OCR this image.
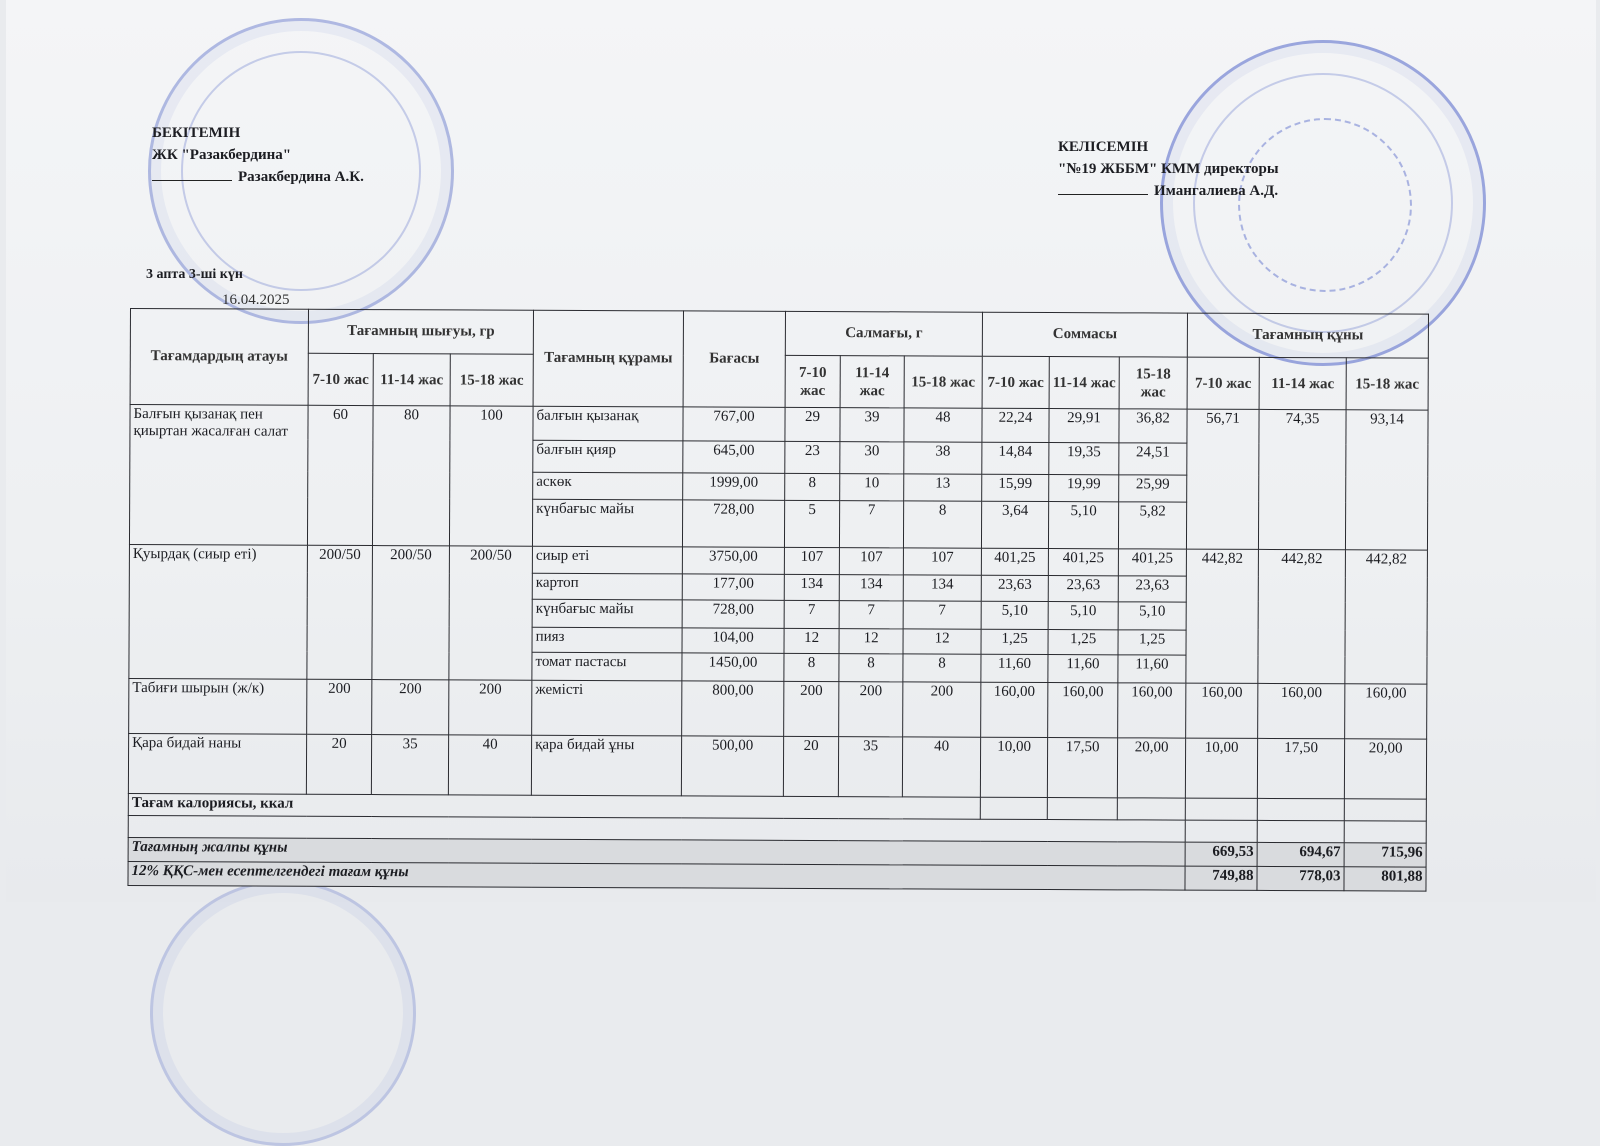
БЕКІТЕМІН
ЖК "Разакбердина"
Разакбердина А.К.
КЕЛІСЕМІН
"№19 ЖББМ" КММ директоры
Имангалиева А.Д.
3 апта 3-ші күн
16.04.2025
Тағамдардың атауы	Тағамның шығуы, гр			Тағамның құрамы	Бағасы	Салмағы, г			Соммасы			Тағамның құны		
	7-10 жас	11-14 жас	15-18 жас			7-10 жас	11-14 жас	15-18 жас	7-10 жас	11-14 жас	15-18 жас	7-10 жас	11-14 жас	15-18 жас
Балғын қызанақ пен қиыртан жасалған салат	60	80	100	балғын қызанақ	767,00	29	39	48	22,24	29,91	36,82	56,71	74,35	93,14
				балғын қияр	645,00	23	30	38	14,84	19,35	24,51			
				аскөк	1999,00	8	10	13	15,99	19,99	25,99			
				күнбағыс майы	728,00	5	7	8	3,64	5,10	5,82			
Қуырдақ (сиыр еті)	200/50	200/50	200/50	сиыр еті	3750,00	107	107	107	401,25	401,25	401,25	442,82	442,82	442,82
				картоп	177,00	134	134	134	23,63	23,63	23,63			
				күнбағыс майы	728,00	7	7	7	5,10	5,10	5,10			
				пияз	104,00	12	12	12	1,25	1,25	1,25			
				томат пастасы	1450,00	8	8	8	11,60	11,60	11,60			
Табиғи шырын (ж/к)	200	200	200	жемісті	800,00	200	200	200	160,00	160,00	160,00	160,00	160,00	160,00
Қара бидай наны	20	35	40	қара бидай ұны	500,00	20	35	40	10,00	17,50	20,00	10,00	17,50	20,00
Тағам калориясы, ккал														

Тағамның жалпы құны												669,53	694,67	715,96
12% ҚҚС-мен есептелгендегі тағам құны												749,88	778,03	801,88
